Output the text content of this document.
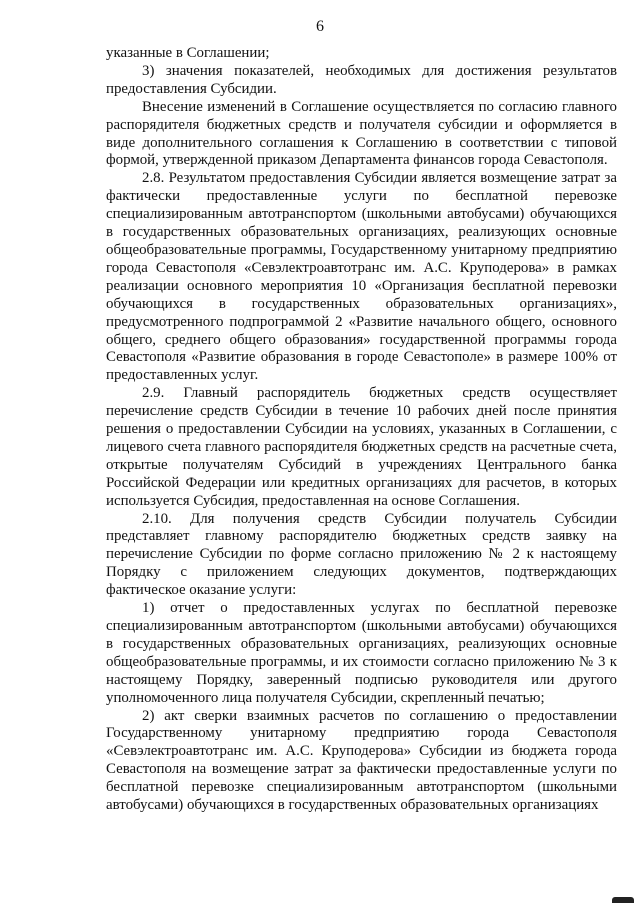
6

указанные в Соглашении;

3) значения показателей, необходимых для достижения результатов предоставления Субсидии.

Внесение изменений в Соглашение осуществляется по согласию главного распорядителя бюджетных средств и получателя субсидии и оформляется в виде дополнительного соглашения к Соглашению в соответствии с типовой формой, утвержденной приказом Департамента финансов города Севастополя.

2.8. Результатом предоставления Субсидии является возмещение затрат за фактически предоставленные услуги по бесплатной перевозке специализированным автотранспортом (школьными автобусами) обучающихся в государственных образовательных организациях, реализующих основные общеобразовательные программы, Государственному унитарному предприятию города Севастополя «Севэлектроавтотранс им. А.С. Круподерова» в рамках реализации основного мероприятия 10 «Организация бесплатной перевозки обучающихся в государственных образовательных организациях», предусмотренного подпрограммой 2 «Развитие начального общего, основного общего, среднего общего образования» государственной программы города Севастополя «Развитие образования в городе Севастополе» в размере 100% от предоставленных услуг.

2.9. Главный распорядитель бюджетных средств осуществляет перечисление средств Субсидии в течение 10 рабочих дней после принятия решения о предоставлении Субсидии на условиях, указанных в Соглашении, с лицевого счета главного распорядителя бюджетных средств на расчетные счета, открытые получателям Субсидий в учреждениях Центрального банка Российской Федерации или кредитных организациях для расчетов, в которых используется Субсидия, предоставленная на основе Соглашения.

2.10. Для получения средств Субсидии получатель Субсидии представляет главному распорядителю бюджетных средств заявку на перечисление Субсидии по форме согласно приложению № 2 к настоящему Порядку с приложением следующих документов, подтверждающих фактическое оказание услуги:

1) отчет о предоставленных услугах по бесплатной перевозке специализированным автотранспортом (школьными автобусами) обучающихся в государственных образовательных организациях, реализующих основные общеобразовательные программы, и их стоимости согласно приложению № 3 к настоящему Порядку, заверенный подписью руководителя или другого уполномоченного лица получателя Субсидии, скрепленный печатью;

2) акт сверки взаимных расчетов по соглашению о предоставлении Государственному унитарному предприятию города Севастополя «Севэлектроавтотранс им. А.С. Круподерова» Субсидии из бюджета города Севастополя на возмещение затрат за фактически предоставленные услуги по бесплатной перевозке специализированным автотранспортом (школьными автобусами) обучающихся в государственных образовательных организациях
